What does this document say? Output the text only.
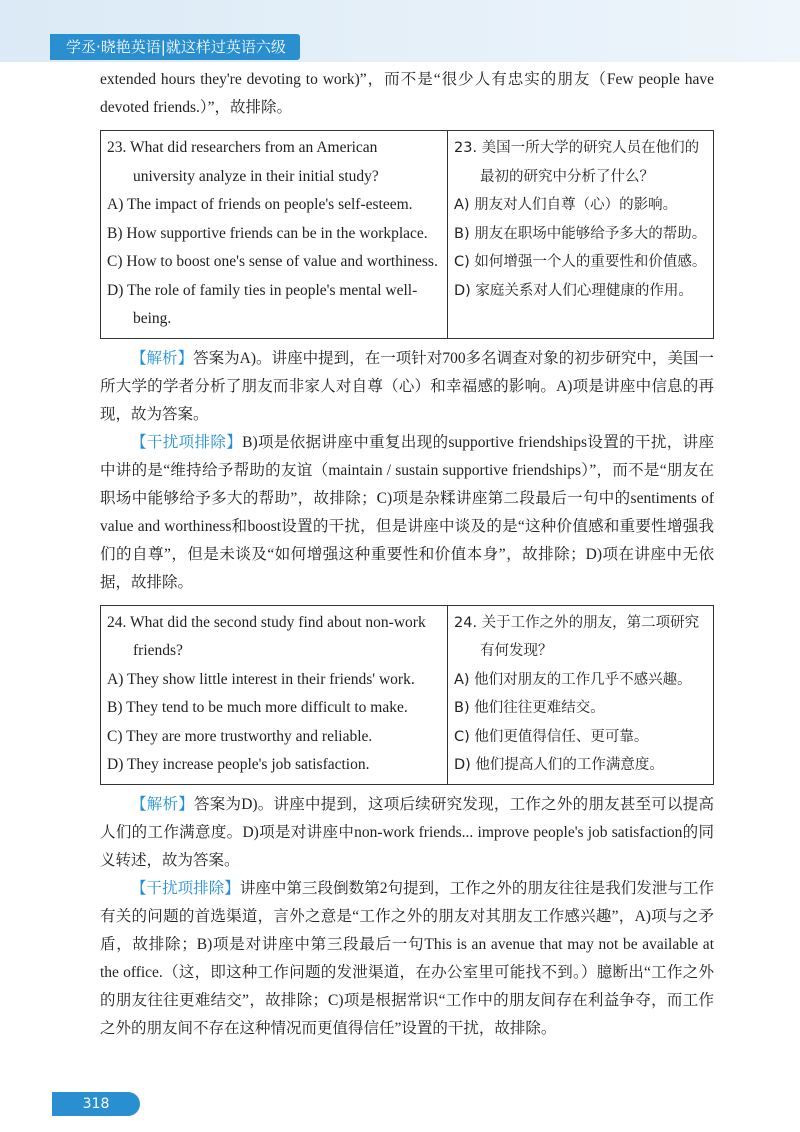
学丞·晓艳英语|就这样过英语六级

extended hours they're devoting to work)”，而不是“很少人有忠实的朋友（Few people have devoted friends.）”，故排除。

23. What did researchers from an American university analyze in their initial study?
A) The impact of friends on people's self-esteem.
B) How supportive friends can be in the workplace.
C) How to boost one's sense of value and worthiness.
D) The role of family ties in people's mental well-being.

23. 美国一所大学的研究人员在他们的最初的研究中分析了什么？
A) 朋友对人们自尊（心）的影响。
B) 朋友在职场中能够给予多大的帮助。
C) 如何增强一个人的重要性和价值感。
D) 家庭关系对人们心理健康的作用。

【解析】答案为A)。讲座中提到，在一项针对700多名调查对象的初步研究中，美国一所大学的学者分析了朋友而非家人对自尊（心）和幸福感的影响。A)项是讲座中信息的再现，故为答案。

【干扰项排除】B)项是依据讲座中重复出现的supportive friendships设置的干扰，讲座中讲的是“维持给予帮助的友谊（maintain / sustain supportive friendships）”，而不是“朋友在职场中能够给予多大的帮助”，故排除；C)项是杂糅讲座第二段最后一句中的sentiments of value and worthiness和boost设置的干扰，但是讲座中谈及的是“这种价值感和重要性增强我们的自尊”，但是未谈及“如何增强这种重要性和价值本身”，故排除；D)项在讲座中无依据，故排除。

24. What did the second study find about non-work friends?
A) They show little interest in their friends' work.
B) They tend to be much more difficult to make.
C) They are more trustworthy and reliable.
D) They increase people's job satisfaction.

24. 关于工作之外的朋友，第二项研究有何发现？
A) 他们对朋友的工作几乎不感兴趣。
B) 他们往往更难结交。
C) 他们更值得信任、更可靠。
D) 他们提高人们的工作满意度。

【解析】答案为D)。讲座中提到，这项后续研究发现，工作之外的朋友甚至可以提高人们的工作满意度。D)项是对讲座中non-work friends... improve people's job satisfaction的同义转述，故为答案。

【干扰项排除】讲座中第三段倒数第2句提到，工作之外的朋友往往是我们发泄与工作有关的问题的首选渠道，言外之意是“工作之外的朋友对其朋友工作感兴趣”，A)项与之矛盾，故排除；B)项是对讲座中第三段最后一句This is an avenue that may not be available at the office.（这，即这种工作问题的发泄渠道，在办公室里可能找不到。）臆断出“工作之外的朋友往往更难结交”，故排除；C)项是根据常识“工作中的朋友间存在利益争夺，而工作之外的朋友间不存在这种情况而更值得信任”设置的干扰，故排除。

318
